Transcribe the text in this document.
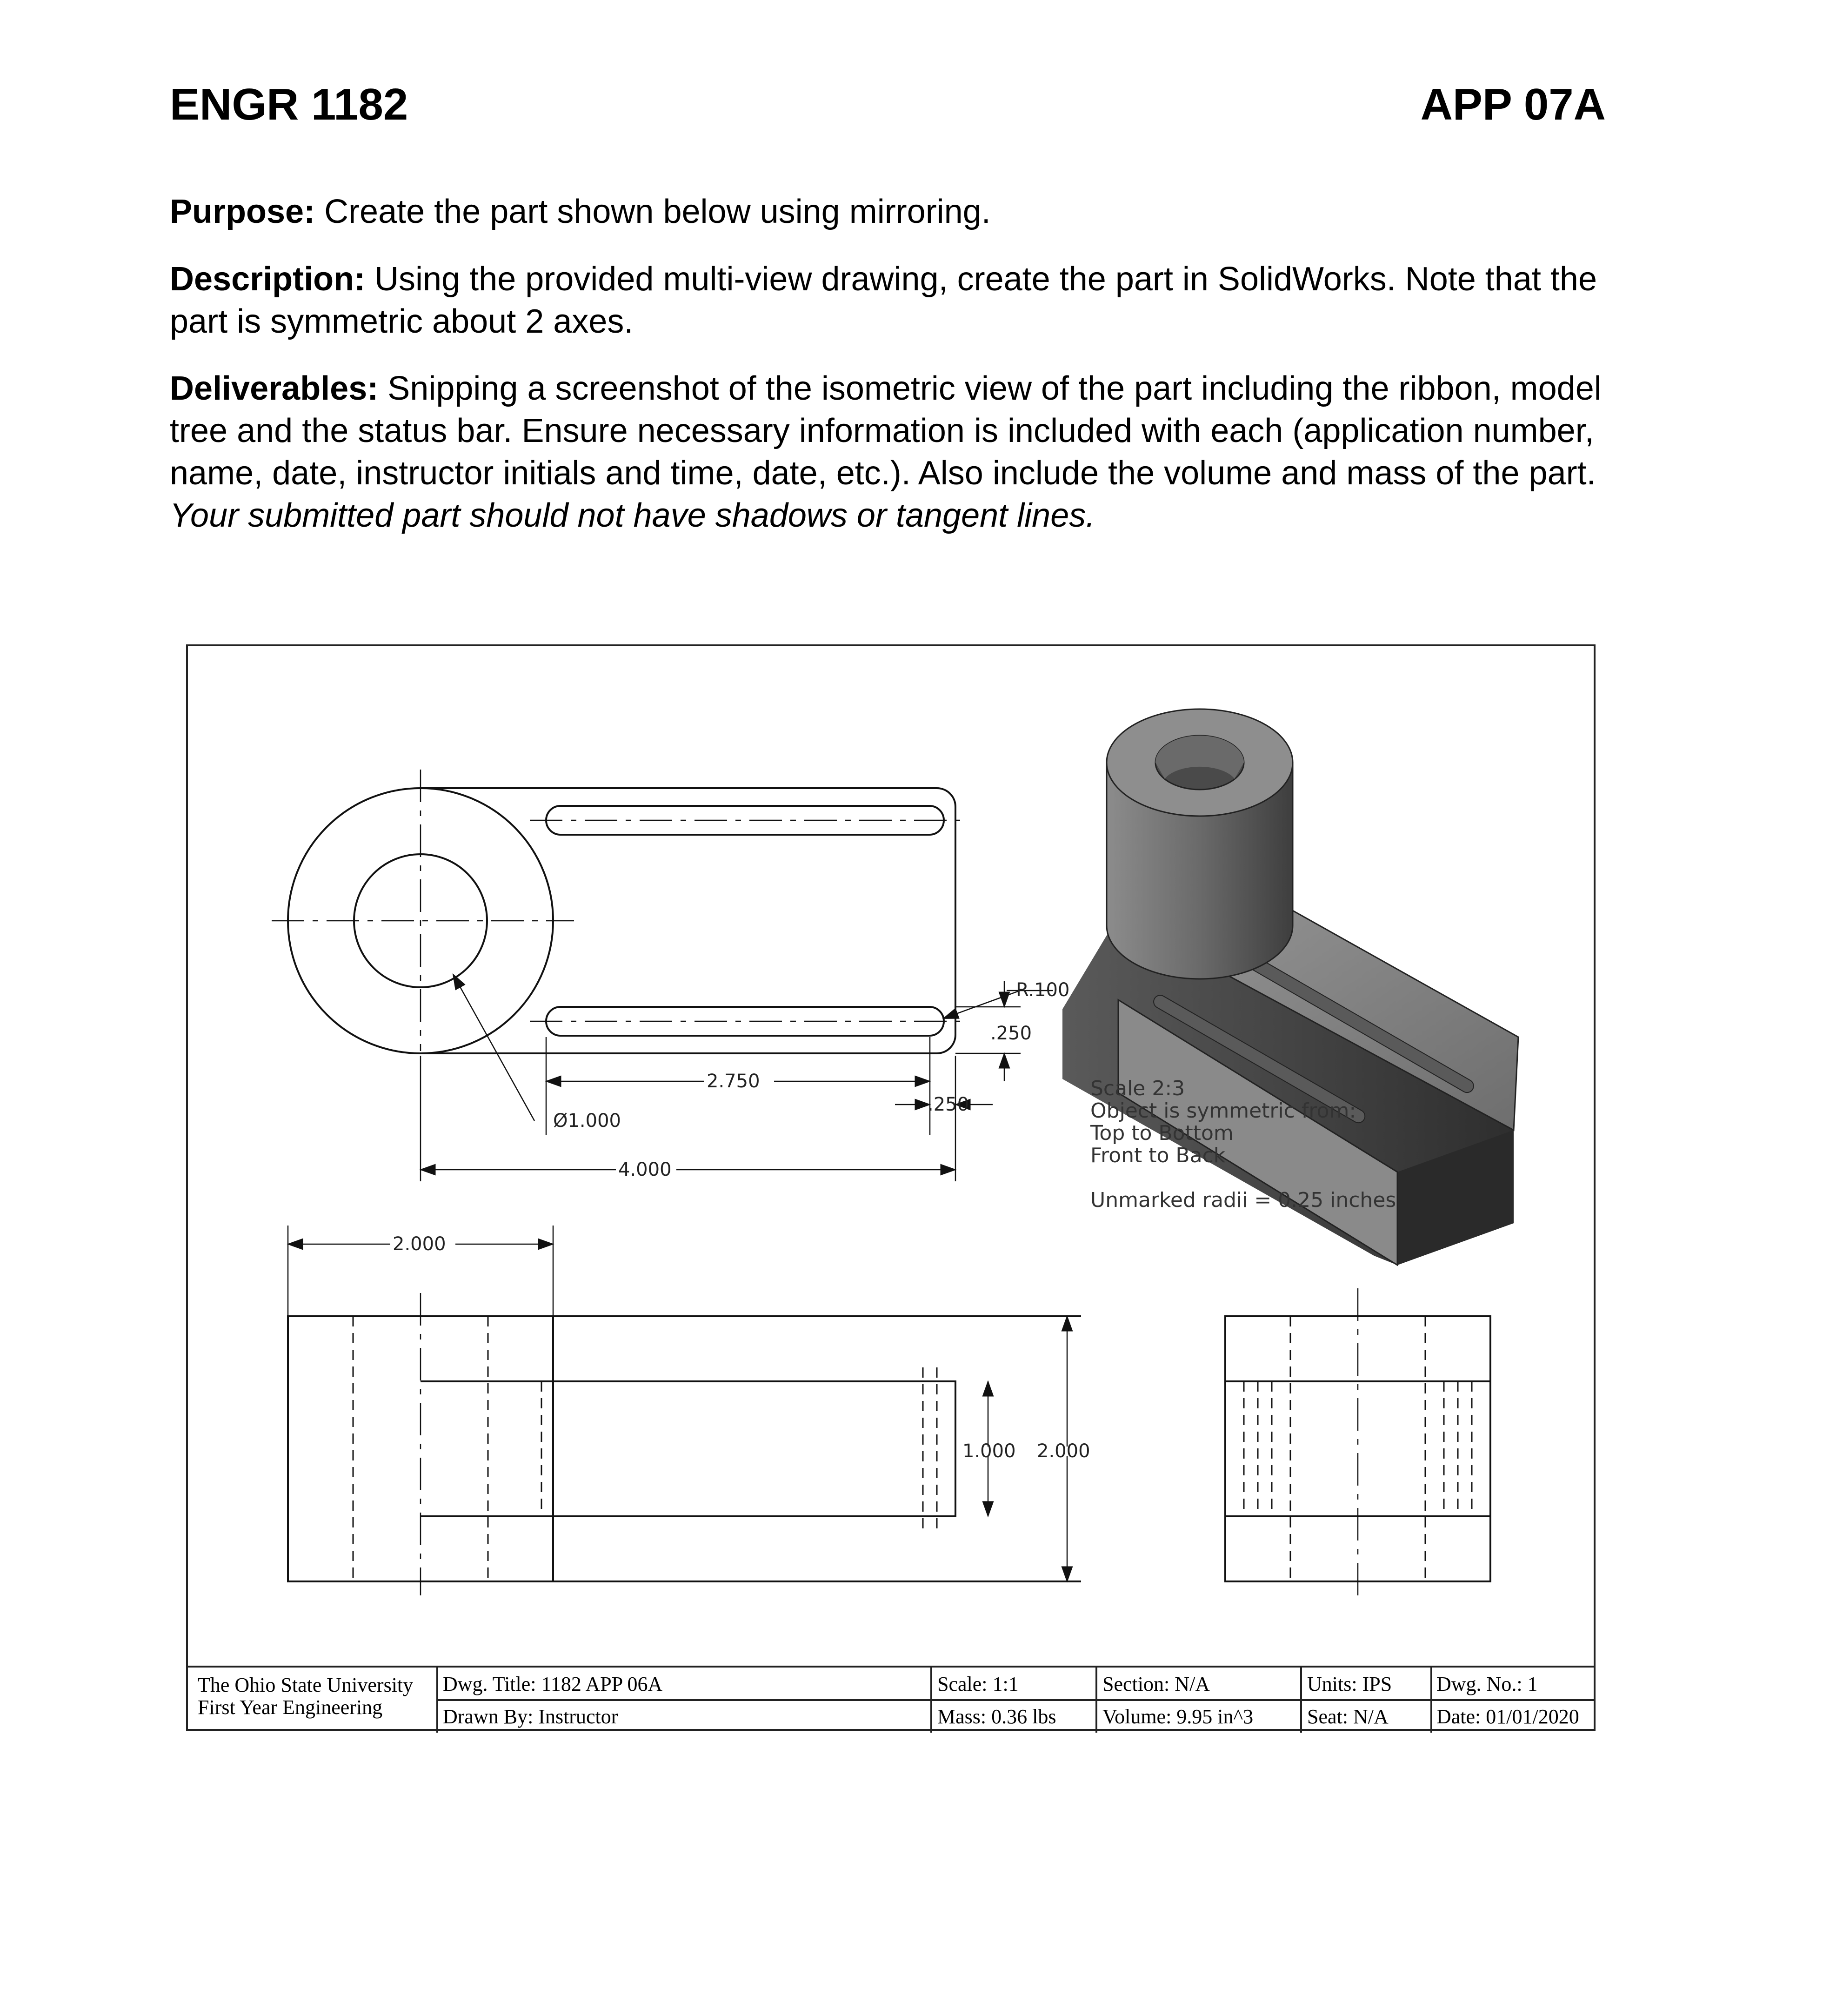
ENGR 1182	APP 07A
Purpose: Create the part shown below using mirroring.
Description: Using the provided multi-view drawing, create the part in SolidWorks. Note that the part is symmetric about 2 axes.
Deliverables: Snipping a screenshot of the isometric view of the part including the ribbon, model tree and the status bar. Ensure necessary information is included with each (application number, name, date, instructor initials and time, date, etc.). Also include the volume and mass of the part. Your submitted part should not have shadows or tangent lines.
R.100
.250
2.750
.250
Ø1.000
4.000
Scale 2:3
Object is symmetric from:
Top to Bottom
Front to Back
Unmarked radii = 0.25 inches
2.000
1.000 2.000
The Ohio State University
First Year Engineering
Dwg. Title: 1182 APP 06A
Drawn By: Instructor
Scale: 1:1
Mass: 0.36 lbs
Section: N/A
Volume: 9.95 in^3
Units: IPS
Seat: N/A
Dwg. No.: 1
Date: 01/01/2020
